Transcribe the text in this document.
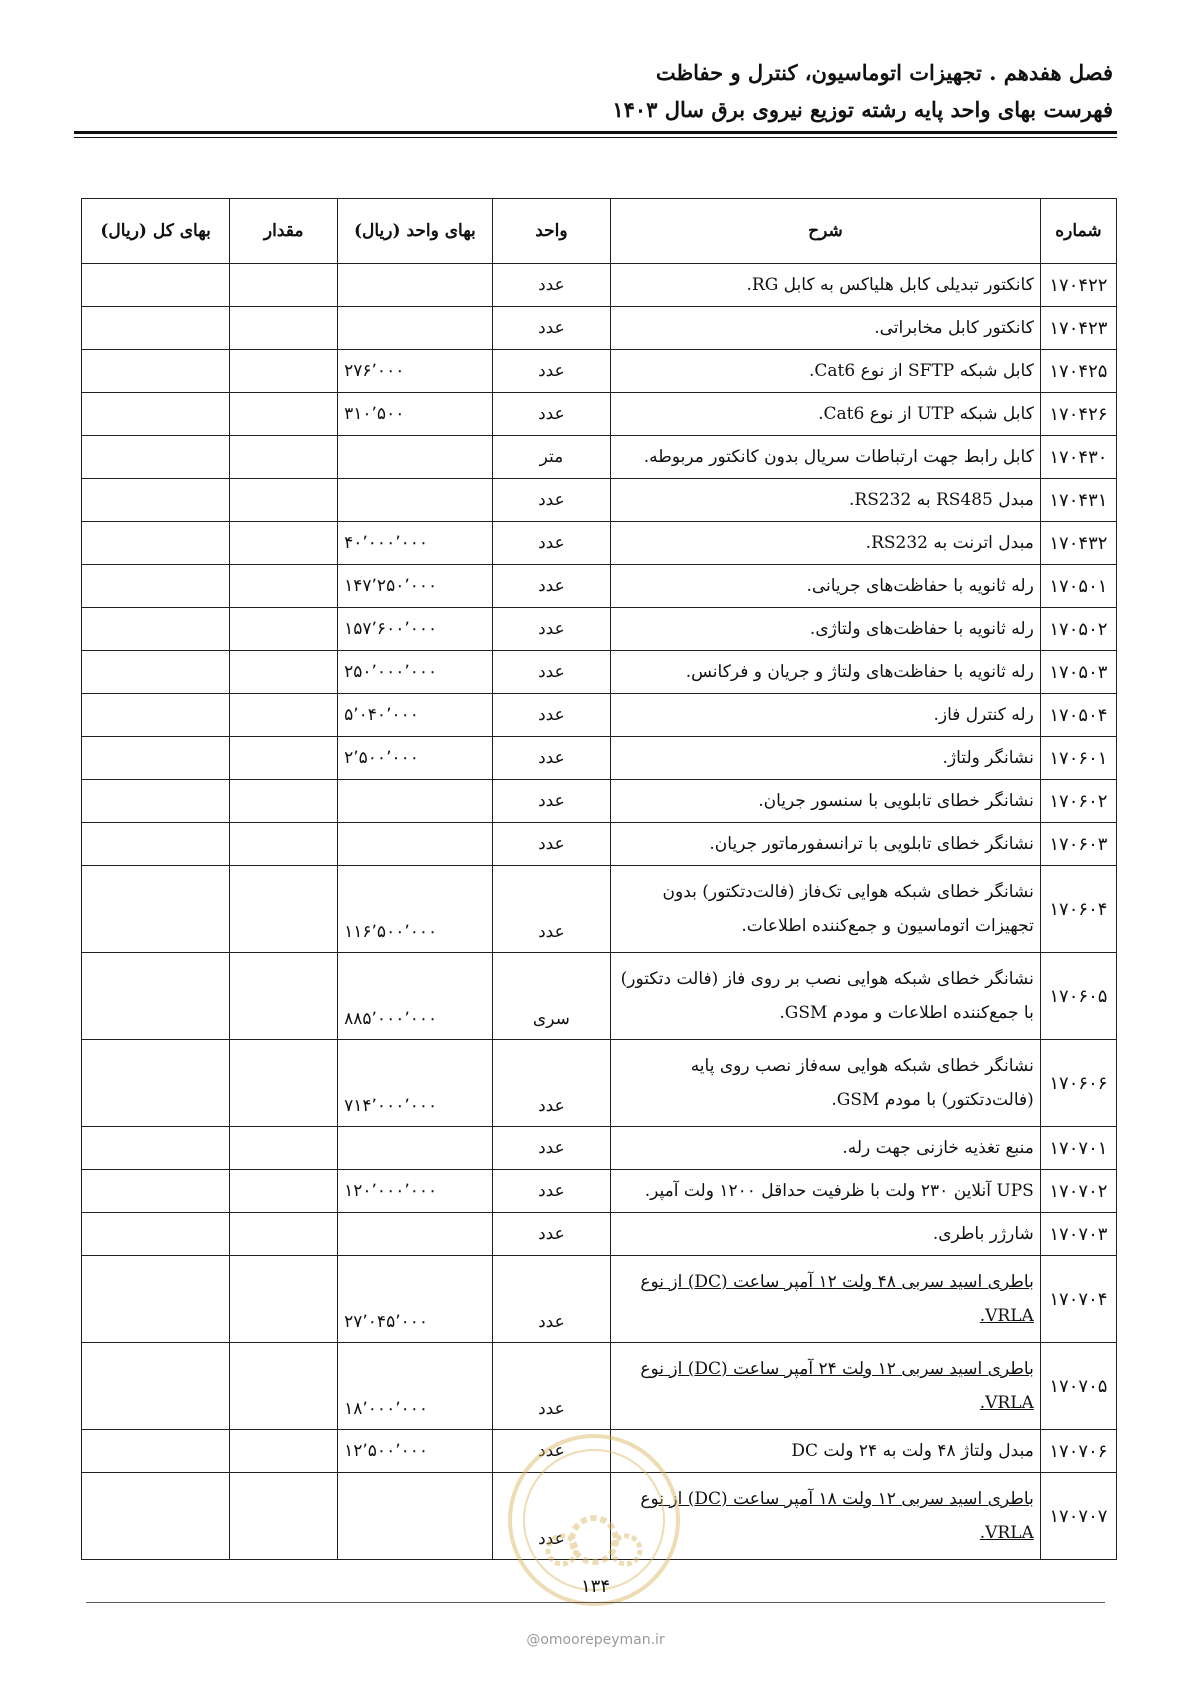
فصل هفدهم . تجهیزات اتوماسیون، کنترل و حفاظت
فهرست بهای واحد پایه رشته توزیع نیروی برق سال ۱۴۰۳
شماره	شرح	واحد	بهای واحد (ریال)	مقدار	بهای کل (ریال)
۱۷۰۴۲۲	کانکتور تبدیلی کابل هلیاکس به کابل RG.	عدد			
۱۷۰۴۲۳	کانکتور کابل مخابراتی.	عدد			
۱۷۰۴۲۵	کابل شبکه SFTP از نوع Cat6.	عدد	۲۷۶٬۰۰۰		
۱۷۰۴۲۶	کابل شبکه UTP از نوع Cat6.	عدد	۳۱۰٬۵۰۰		
۱۷۰۴۳۰	کابل رابط جهت ارتباطات سریال بدون کانکتور مربوطه.	متر			
۱۷۰۴۳۱	مبدل RS485 به RS232.	عدد			
۱۷۰۴۳۲	مبدل اترنت به RS232.	عدد	۴۰٬۰۰۰٬۰۰۰		
۱۷۰۵۰۱	رله ثانویه با حفاظت‌های جریانی.	عدد	۱۴۷٬۲۵۰٬۰۰۰		
۱۷۰۵۰۲	رله ثانویه با حفاظت‌های ولتاژی.	عدد	۱۵۷٬۶۰۰٬۰۰۰		
۱۷۰۵۰۳	رله ثانویه با حفاظت‌های ولتاژ و جریان و فرکانس.	عدد	۲۵۰٬۰۰۰٬۰۰۰		
۱۷۰۵۰۴	رله کنترل فاز.	عدد	۵٬۰۴۰٬۰۰۰		
۱۷۰۶۰۱	نشانگر ولتاژ.	عدد	۲٬۵۰۰٬۰۰۰		
۱۷۰۶۰۲	نشانگر خطای تابلویی با سنسور جریان.	عدد			
۱۷۰۶۰۳	نشانگر خطای تابلویی با ترانسفورماتور جریان.	عدد			
۱۷۰۶۰۴	نشانگر خطای شبکه هوایی تک‌فاز (فالت‌دتکتور) بدون تجهیزات اتوماسیون و جمع‌کننده اطلاعات.	عدد	۱۱۶٬۵۰۰٬۰۰۰		
۱۷۰۶۰۵	نشانگر خطای شبکه هوایی نصب بر روی فاز (فالت دتکتور) با جمع‌کننده اطلاعات و مودم GSM.	سری	۸۸۵٬۰۰۰٬۰۰۰		
۱۷۰۶۰۶	نشانگر خطای شبکه هوایی سه‌فاز نصب روی پایه (فالت‌دتکتور) با مودم GSM.	عدد	۷۱۴٬۰۰۰٬۰۰۰		
۱۷۰۷۰۱	منبع تغذیه خازنی جهت رله.	عدد			
۱۷۰۷۰۲	UPS آنلاین ۲۳۰ ولت با ظرفیت حداقل ۱۲۰۰ ولت آمپر.	عدد	۱۲۰٬۰۰۰٬۰۰۰		
۱۷۰۷۰۳	شارژر باطری.	عدد			
۱۷۰۷۰۴	باطری اسید سربی ۴۸ ولت ۱۲ آمپر ساعت (DC) از نوع VRLA.	عدد	۲۷٬۰۴۵٬۰۰۰		
۱۷۰۷۰۵	باطری اسید سربی ۱۲ ولت ۲۴ آمپر ساعت (DC) از نوع VRLA.	عدد	۱۸٬۰۰۰٬۰۰۰		
۱۷۰۷۰۶	مبدل ولتاژ ۴۸ ولت به ۲۴ ولت DC	عدد	۱۲٬۵۰۰٬۰۰۰		
۱۷۰۷۰۷	باطری اسید سربی ۱۲ ولت ۱۸ آمپر ساعت (DC) از نوع VRLA.	عدد			
۱۳۴
@omoorepeyman.ir
